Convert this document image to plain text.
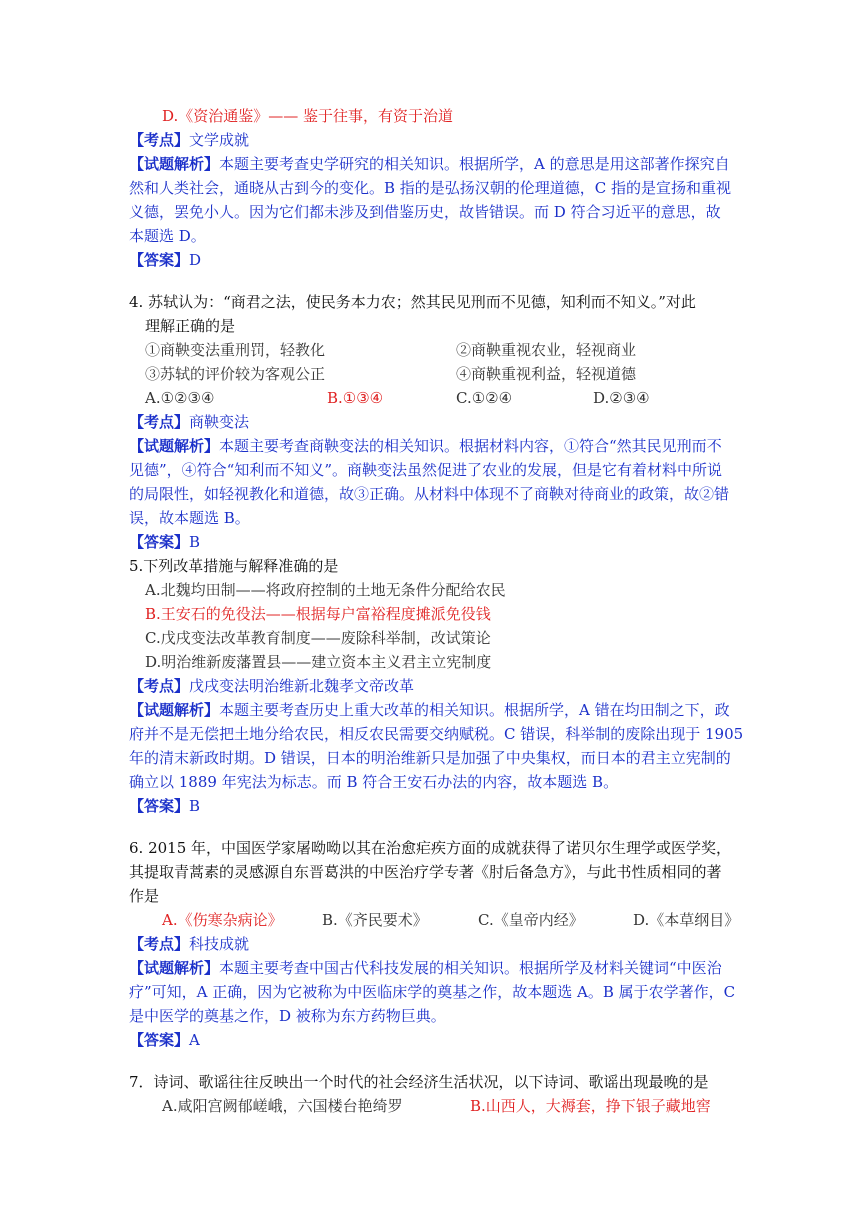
D.《资治通鉴》—— 鉴于往事，有资于治道
【考点】文学成就
【试题解析】本题主要考查史学研究的相关知识。根据所学，A 的意思是用这部著作探究自
然和人类社会，通晓从古到今的变化。B 指的是弘扬汉朝的伦理道德，C 指的是宣扬和重视
义德，罢免小人。因为它们都未涉及到借鉴历史，故皆错误。而 D 符合习近平的意思，故
本题选 D。
【答案】D
4. 苏轼认为：“商君之法，使民务本力农；然其民见刑而不见德，知利而不知义。”对此
理解正确的是
①商鞅变法重刑罚，轻教化	②商鞅重视农业，轻视商业
③苏轼的评价较为客观公正	④商鞅重视利益，轻视道德
A.①②③④	B.①③④	C.①②④	D.②③④
【考点】商鞅变法
【试题解析】本题主要考查商鞅变法的相关知识。根据材料内容，①符合“然其民见刑而不
见德”，④符合“知利而不知义”。商鞅变法虽然促进了农业的发展，但是它有着材料中所说
的局限性，如轻视教化和道德，故③正确。从材料中体现不了商鞅对待商业的政策，故②错
误，故本题选 B。
【答案】B
5.下列改革措施与解释准确的是
A.北魏均田制——将政府控制的土地无条件分配给农民
B.王安石的免役法——根据每户富裕程度摊派免役钱
C.戊戌变法改革教育制度——废除科举制，改试策论
D.明治维新废藩置县——建立资本主义君主立宪制度
【考点】戊戌变法明治维新北魏孝文帝改革
【试题解析】本题主要考查历史上重大改革的相关知识。根据所学，A 错在均田制之下，政
府并不是无偿把土地分给农民，相反农民需要交纳赋税。C 错误，科举制的废除出现于 1905
年的清末新政时期。D 错误，日本的明治维新只是加强了中央集权，而日本的君主立宪制的
确立以 1889 年宪法为标志。而 B 符合王安石办法的内容，故本题选 B。
【答案】B
6. 2015 年，中国医学家屠呦呦以其在治愈疟疾方面的成就获得了诺贝尔生理学或医学奖，
其提取青蒿素的灵感源自东晋葛洪的中医治疗学专著《肘后备急方》，与此书性质相同的著
作是
A.《伤寒杂病论》	B.《齐民要术》	C.《皇帝内经》	D.《本草纲目》
【考点】科技成就
【试题解析】本题主要考查中国古代科技发展的相关知识。根据所学及材料关键词“中医治
疗”可知，A 正确，因为它被称为中医临床学的奠基之作，故本题选 A。B 属于农学著作，C
是中医学的奠基之作，D 被称为东方药物巨典。
【答案】A
7．诗词、歌谣往往反映出一个时代的社会经济生活状况，以下诗词、歌谣出现最晚的是
A.咸阳宫阙郁嵯峨，六国楼台艳绮罗	B.山西人，大褥套，挣下银子藏地窖
